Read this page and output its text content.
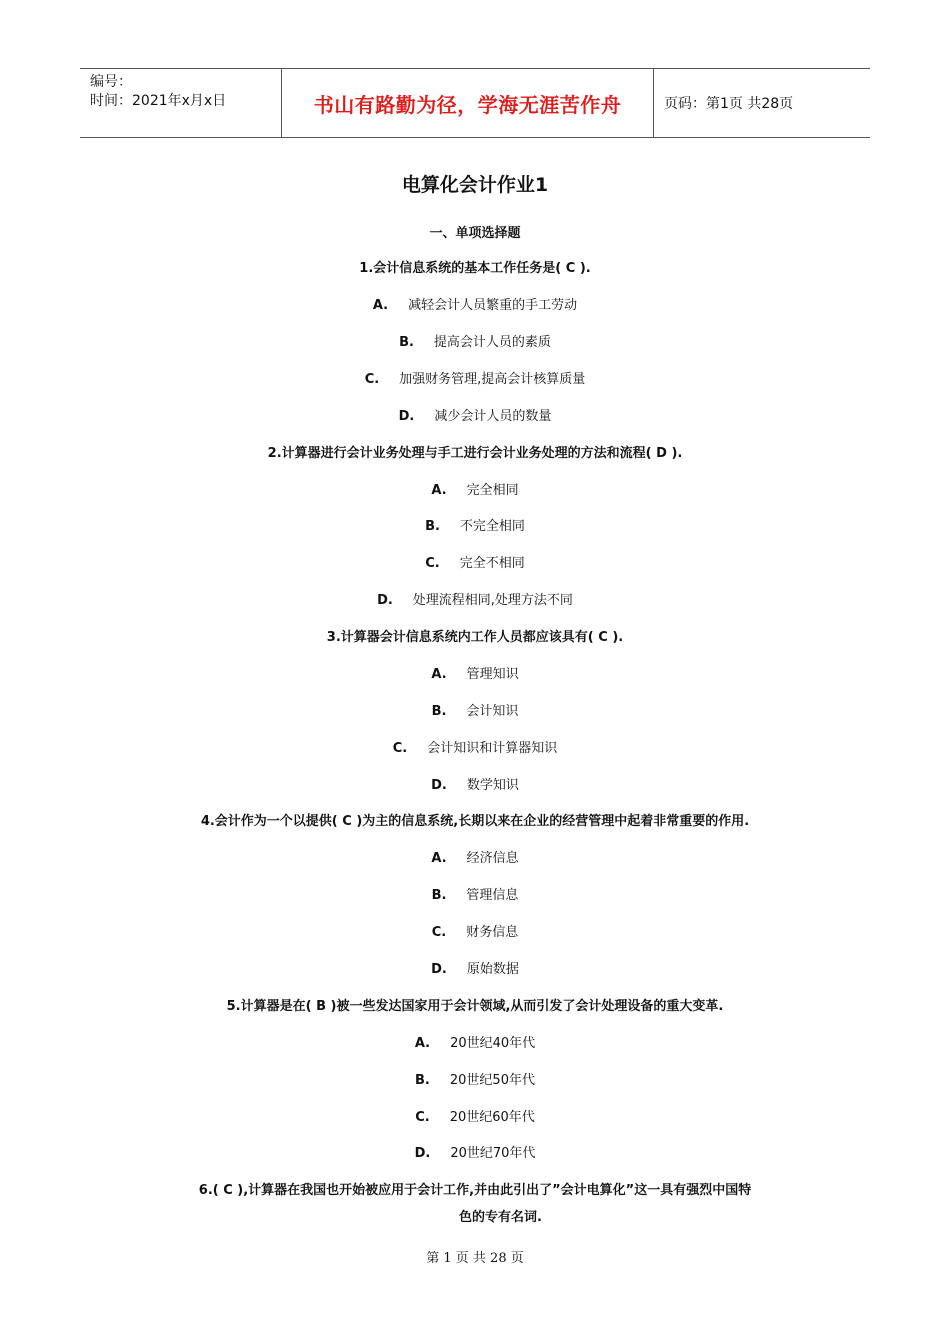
编号：
时间：2021年x月x日	书山有路勤为径，学海无涯苦作舟	页码：第1页 共28页
电算化会计作业1
一、单项选择题
1.会计信息系统的基本工作任务是( C ).
A. 减轻会计人员繁重的手工劳动
B. 提高会计人员的素质
C. 加强财务管理,提高会计核算质量
D. 减少会计人员的数量
2.计算器进行会计业务处理与手工进行会计业务处理的方法和流程( D ).
A. 完全相同
B. 不完全相同
C. 完全不相同
D. 处理流程相同,处理方法不同
3.计算器会计信息系统内工作人员都应该具有( C ).
A. 管理知识
B. 会计知识
C. 会计知识和计算器知识
D. 数学知识
4.会计作为一个以提供( C )为主的信息系统,长期以来在企业的经营管理中起着非常重要的作用.
A. 经济信息
B. 管理信息
C. 财务信息
D. 原始数据
5.计算器是在( B )被一些发达国家用于会计领域,从而引发了会计处理设备的重大变革.
A. 20世纪40年代
B. 20世纪50年代
C. 20世纪60年代
D. 20世纪70年代
6.( C ),计算器在我国也开始被应用于会计工作,并由此引出了”会计电算化”这一具有强烈中国特
色的专有名词.
第 1 页 共 28 页
